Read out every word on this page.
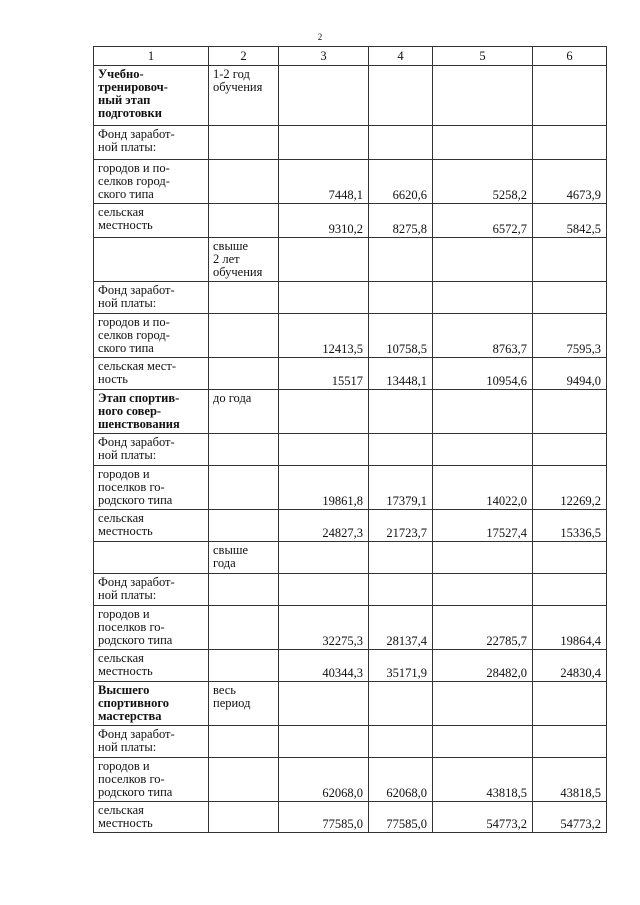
2
1	2	3	4	5	6
Учебно-
тренировоч-
ный этап
подготовки	1-2 год
обучения				
Фонд заработ-
ной платы:					
городов и по-
селков город-
ского типа		7448,1	6620,6	5258,2	4673,9
сельская
местность		9310,2	8275,8	6572,7	5842,5
	свыше
2 лет
обучения				
Фонд заработ-
ной платы:					
городов и по-
селков город-
ского типа		12413,5	10758,5	8763,7	7595,3
сельская мест-
ность		15517	13448,1	10954,6	9494,0
Этап спортив-
ного совер-
шенствования	до года				
Фонд заработ-
ной платы:					
городов и
поселков го-
родского типа		19861,8	17379,1	14022,0	12269,2
сельская
местность		24827,3	21723,7	17527,4	15336,5
	свыше
года				
Фонд заработ-
ной платы:					
городов и
поселков го-
родского типа		32275,3	28137,4	22785,7	19864,4
сельская
местность		40344,3	35171,9	28482,0	24830,4
Высшего
спортивного
мастерства	весь
период				
Фонд заработ-
ной платы:					
городов и
поселков го-
родского типа		62068,0	62068,0	43818,5	43818,5
сельская
местность		77585,0	77585,0	54773,2	54773,2
